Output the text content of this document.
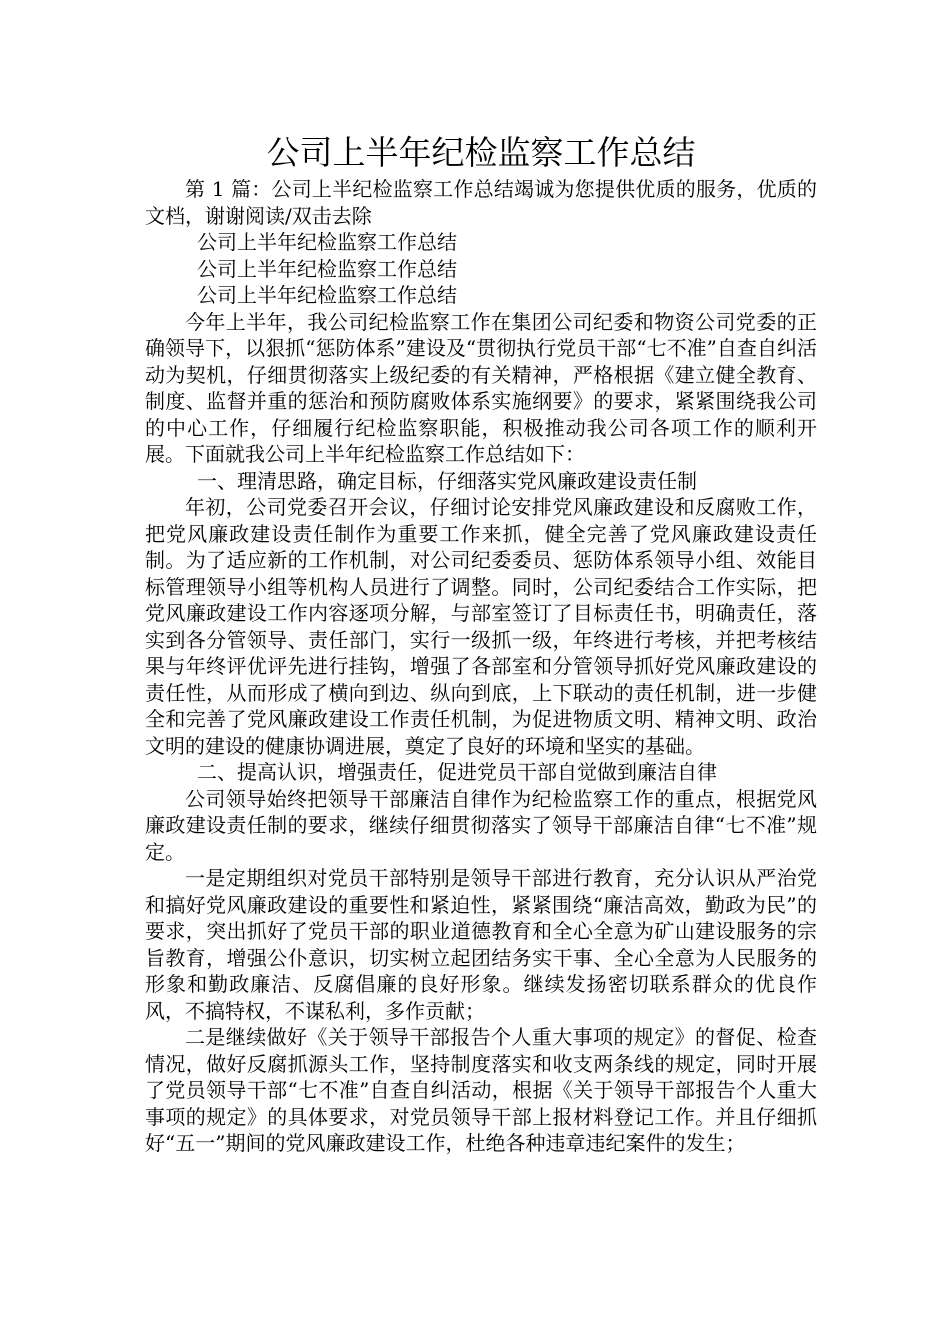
公司上半年纪检监察工作总结

第 1 篇：公司上半纪检监察工作总结竭诚为您提供优质的服务，优质的文档，谢谢阅读/双击去除

公司上半年纪检监察工作总结

公司上半年纪检监察工作总结

公司上半年纪检监察工作总结

今年上半年，我公司纪检监察工作在集团公司纪委和物资公司党委的正确领导下，以狠抓“惩防体系”建设及“贯彻执行党员干部“七不准”自查自纠活动为契机，仔细贯彻落实上级纪委的有关精神，严格根据《建立健全教育、制度、监督并重的惩治和预防腐败体系实施纲要》的要求，紧紧围绕我公司的中心工作，仔细履行纪检监察职能，积极推动我公司各项工作的顺利开展。下面就我公司上半年纪检监察工作总结如下：

一、理清思路，确定目标，仔细落实党风廉政建设责任制

年初，公司党委召开会议，仔细讨论安排党风廉政建设和反腐败工作，把党风廉政建设责任制作为重要工作来抓，健全完善了党风廉政建设责任制。为了适应新的工作机制，对公司纪委委员、惩防体系领导小组、效能目标管理领导小组等机构人员进行了调整。同时，公司纪委结合工作实际，把党风廉政建设工作内容逐项分解，与部室签订了目标责任书，明确责任，落实到各分管领导、责任部门，实行一级抓一级，年终进行考核，并把考核结果与年终评优评先进行挂钩，增强了各部室和分管领导抓好党风廉政建设的责任性，从而形成了横向到边、纵向到底，上下联动的责任机制，进一步健全和完善了党风廉政建设工作责任机制，为促进物质文明、精神文明、政治文明的建设的健康协调进展，奠定了良好的环境和坚实的基础。

二、提高认识，增强责任，促进党员干部自觉做到廉洁自律

公司领导始终把领导干部廉洁自律作为纪检监察工作的重点，根据党风廉政建设责任制的要求，继续仔细贯彻落实了领导干部廉洁自律“七不准”规定。

一是定期组织对党员干部特别是领导干部进行教育，充分认识从严治党和搞好党风廉政建设的重要性和紧迫性，紧紧围绕“廉洁高效，勤政为民”的要求，突出抓好了党员干部的职业道德教育和全心全意为矿山建设服务的宗旨教育，增强公仆意识，切实树立起团结务实干事、全心全意为人民服务的形象和勤政廉洁、反腐倡廉的良好形象。继续发扬密切联系群众的优良作风，不搞特权，不谋私利，多作贡献；

二是继续做好《关于领导干部报告个人重大事项的规定》的督促、检查情况，做好反腐抓源头工作，坚持制度落实和收支两条线的规定，同时开展了党员领导干部“七不准”自查自纠活动，根据《关于领导干部报告个人重大事项的规定》的具体要求，对党员领导干部上报材料登记工作。并且仔细抓好“五一”期间的党风廉政建设工作，杜绝各种违章违纪案件的发生；
